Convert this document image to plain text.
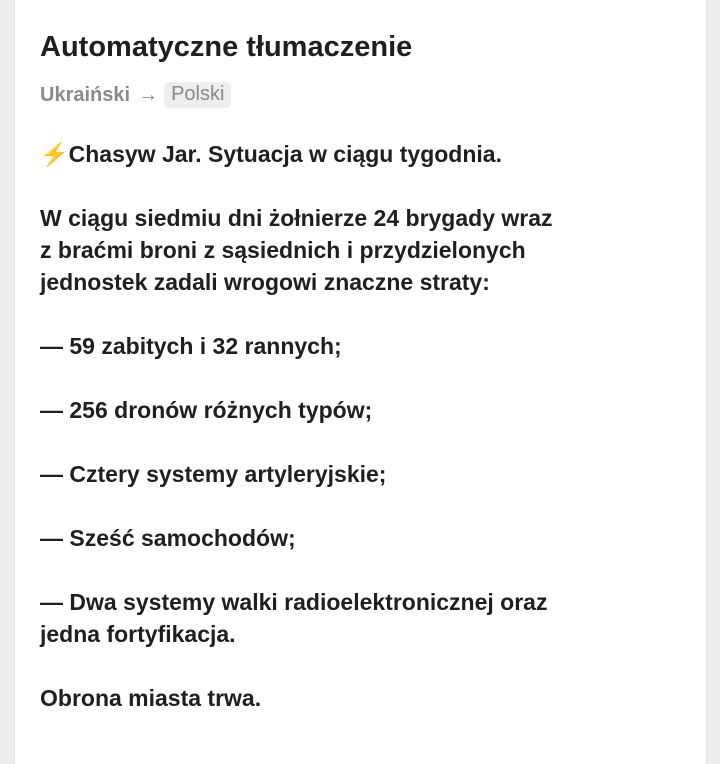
Automatyczne tłumaczenie
Ukraiński → Polski
⚡Chasyw Jar. Sytuacja w ciągu tygodnia.
W ciągu siedmiu dni żołnierze 24 brygady wraz
z braćmi broni z sąsiednich i przydzielonych
jednostek zadali wrogowi znaczne straty:
— 59 zabitych i 32 rannych;
— 256 dronów różnych typów;
— Cztery systemy artyleryjskie;
— Sześć samochodów;
— Dwa systemy walki radioelektronicznej oraz
jedna fortyfikacja.
Obrona miasta trwa.
